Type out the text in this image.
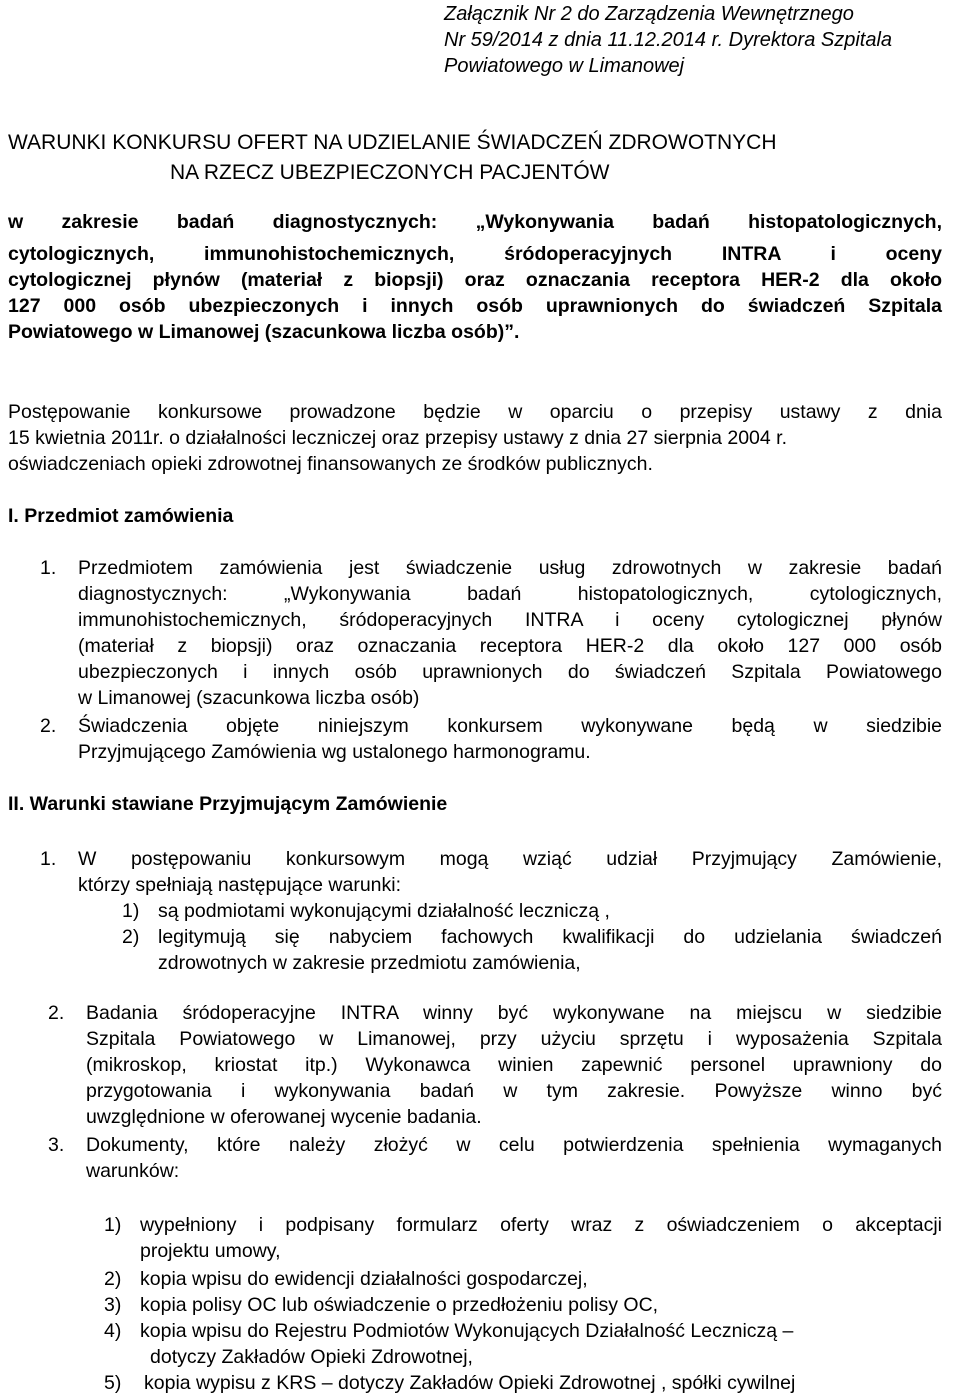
Załącznik Nr 2 do Zarządzenia Wewnętrznego
Nr 59/2014 z dnia 11.12.2014 r. Dyrektora Szpitala
Powiatowego w Limanowej
WARUNKI KONKURSU OFERT NA UDZIELANIE ŚWIADCZEŃ ZDROWOTNYCH
NA RZECZ UBEZPIECZONYCH PACJENTÓW
w zakresie badań diagnostycznych: „Wykonywania badań histopatologicznych,
cytologicznych, immunohistochemicznych, śródoperacyjnych INTRA i oceny
cytologicznej płynów (materiał z biopsji) oraz oznaczania receptora HER-2 dla około
127 000 osób ubezpieczonych i innych osób uprawnionych do świadczeń Szpitala
Powiatowego w Limanowej (szacunkowa liczba osób)”.
Postępowanie konkursowe prowadzone będzie w oparciu o przepisy ustawy z dnia
15 kwietnia 2011r. o działalności leczniczej oraz przepisy ustawy z dnia 27 sierpnia 2004 r.
oświadczeniach opieki zdrowotnej finansowanych ze środków publicznych.
I. Przedmiot zamówienia
1. Przedmiotem zamówienia jest świadczenie usług zdrowotnych w zakresie badań
diagnostycznych: „Wykonywania badań histopatologicznych, cytologicznych,
immunohistochemicznych, śródoperacyjnych INTRA i oceny cytologicznej płynów
(materiał z biopsji) oraz oznaczania receptora HER-2 dla około 127 000 osób
ubezpieczonych i innych osób uprawnionych do świadczeń Szpitala Powiatowego
w Limanowej (szacunkowa liczba osób)
2. Świadczenia objęte niniejszym konkursem wykonywane będą w siedzibie
Przyjmującego Zamówienia wg ustalonego harmonogramu.
II. Warunki stawiane Przyjmującym Zamówienie
1. W postępowaniu konkursowym mogą wziąć udział Przyjmujący Zamówienie,
którzy spełniają następujące warunki:
1) są podmiotami wykonującymi działalność leczniczą ,
2) legitymują się nabyciem fachowych kwalifikacji do udzielania świadczeń
zdrowotnych w zakresie przedmiotu zamówienia,
2. Badania śródoperacyjne INTRA winny być wykonywane na miejscu w siedzibie
Szpitala Powiatowego w Limanowej, przy użyciu sprzętu i wyposażenia Szpitala
(mikroskop, kriostat itp.) Wykonawca winien zapewnić personel uprawniony do
przygotowania i wykonywania badań w tym zakresie. Powyższe winno być
uwzględnione w oferowanej wycenie badania.
3. Dokumenty, które należy złożyć w celu potwierdzenia spełnienia wymaganych
warunków:
1) wypełniony i podpisany formularz oferty wraz z oświadczeniem o akceptacji
projektu umowy,
2) kopia wpisu do ewidencji działalności gospodarczej,
3) kopia polisy OC lub oświadczenie o przedłożeniu polisy OC,
4) kopia wpisu do Rejestru Podmiotów Wykonujących Działalność Leczniczą –
dotyczy Zakładów Opieki Zdrowotnej,
5) kopia wypisu z KRS – dotyczy Zakładów Opieki Zdrowotnej , spółki cywilnej
